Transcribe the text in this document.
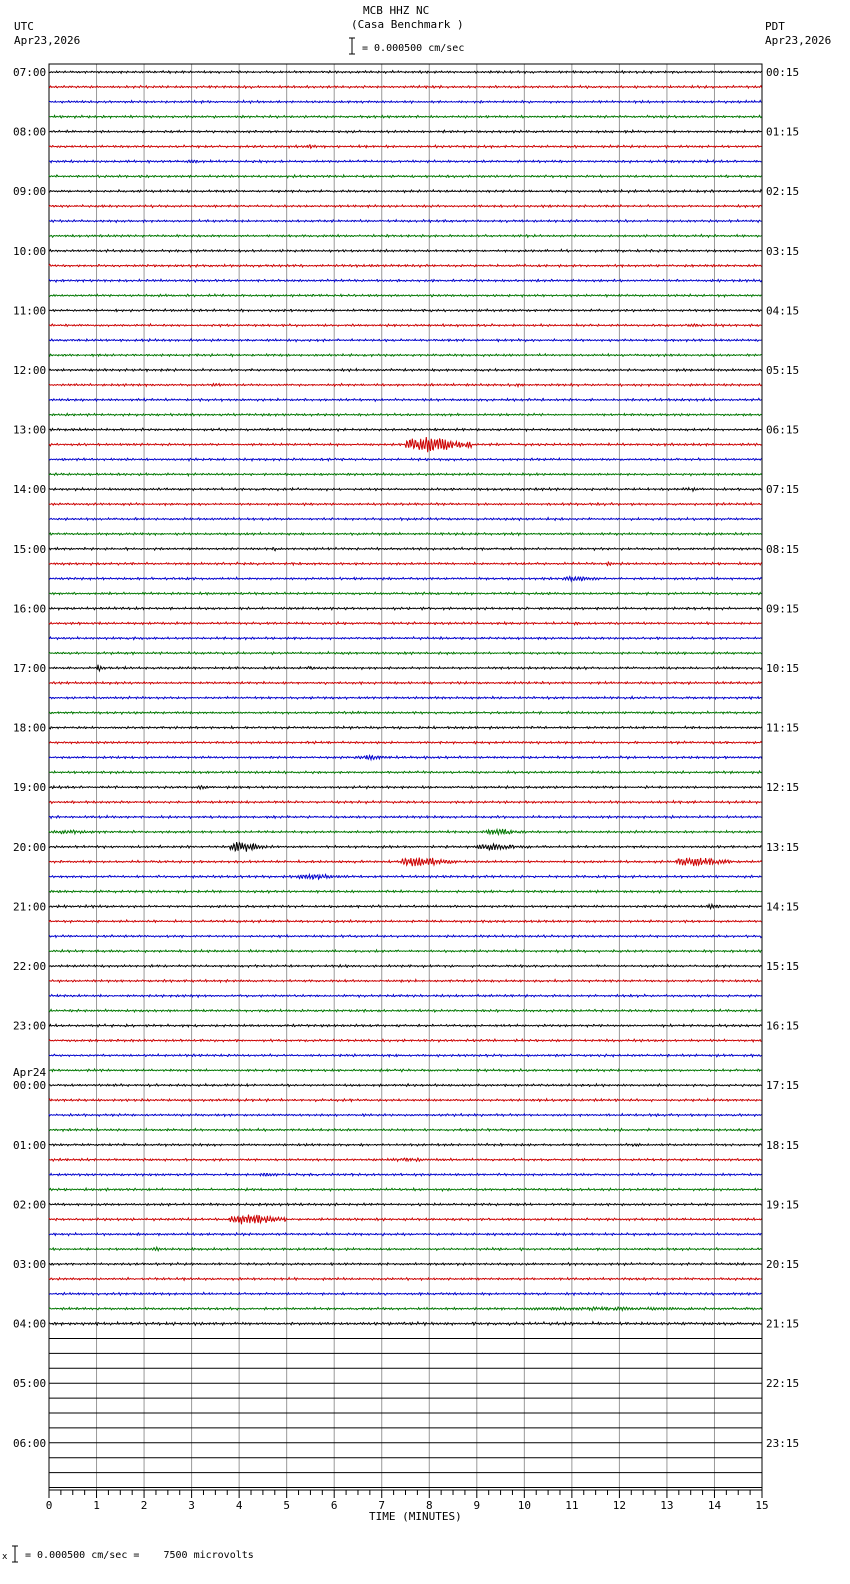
MCB HHZ NC
(Casa Benchmark )
= 0.000500 cm/sec
UTC
Apr23,2026
PDT
Apr23,2026
07:00	00:15
08:00	01:15
09:00	02:15
10:00	03:15
11:00	04:15
12:00	05:15
13:00	06:15
14:00	07:15
15:00	08:15
16:00	09:15
17:00	10:15
18:00	11:15
19:00	12:15
20:00	13:15
21:00	14:15
22:00	15:15
23:00	16:15
00:00	17:15
01:00	18:15
02:00	19:15
03:00	20:15
04:00	21:15
05:00	22:15
06:00	23:15
Apr24
0	1	2	3	4	5	6	7	8	9	10	11	12	13	14	15
TIME (MINUTES)
x = 0.000500 cm/sec =    7500 microvolts
